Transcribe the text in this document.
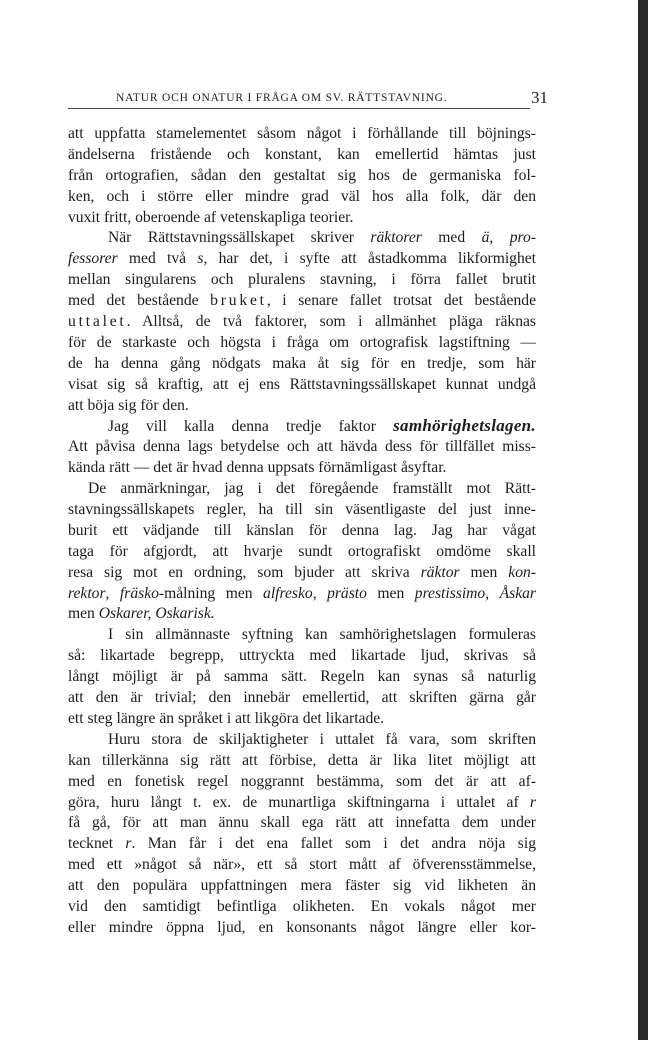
NATUR OCH ONATUR I FRÅGA OM SV. RÄTTSTAVNING.	31
att uppfatta stamelementet såsom något i förhållande till böjnings-
ändelserna fristående och konstant, kan emellertid hämtas just
från ortografien, sådan den gestaltat sig hos de germaniska fol-
ken, och i större eller mindre grad väl hos alla folk, där den
vuxit fritt, oberoende af vetenskapliga teorier.
När Rättstavningssällskapet skriver räktorer med ä, pro-
fessorer med två s, har det, i syfte att åstadkomma likformighet
mellan singularens och pluralens stavning, i förra fallet brutit
med det bestående bruket, i senare fallet trotsat det bestående
uttalet. Alltså, de två faktorer, som i allmänhet pläga räknas
för de starkaste och högsta i fråga om ortografisk lagstiftning —
de ha denna gång nödgats maka åt sig för en tredje, som här
visat sig så kraftig, att ej ens Rättstavningssällskapet kunnat undgå
att böja sig för den.
Jag vill kalla denna tredje faktor samhörighetslagen.
Att påvisa denna lags betydelse och att hävda dess för tillfället miss-
kända rätt — det är hvad denna uppsats förnämligast åsyftar.
De anmärkningar, jag i det föregående framställt mot Rätt-
stavningssällskapets regler, ha till sin väsentligaste del just inne-
burit ett vädjande till känslan för denna lag. Jag har vågat
taga för afgjordt, att hvarje sundt ortografiskt omdöme skall
resa sig mot en ordning, som bjuder att skriva räktor men kon-
rektor, fräsko-målning men alfresko, prästo men prestissimo, Åskar
men Oskarer, Oskarisk.
I sin allmännaste syftning kan samhörighetslagen formuleras
så: likartade begrepp, uttryckta med likartade ljud, skrivas så
långt möjligt är på samma sätt. Regeln kan synas så naturlig
att den är trivial; den innebär emellertid, att skriften gärna går
ett steg längre än språket i att likgöra det likartade.
Huru stora de skiljaktigheter i uttalet få vara, som skriften
kan tillerkänna sig rätt att förbise, detta är lika litet möjligt att
med en fonetisk regel noggrannt bestämma, som det är att af-
göra, huru långt t. ex. de munartliga skiftningarna i uttalet af r
få gå, för att man ännu skall ega rätt att innefatta dem under
tecknet r. Man får i det ena fallet som i det andra nöja sig
med ett »något så när», ett så stort mått af öfverensstämmelse,
att den populära uppfattningen mera fäster sig vid likheten än
vid den samtidigt befintliga olikheten. En vokals något mer
eller mindre öppna ljud, en konsonants något längre eller kor-
